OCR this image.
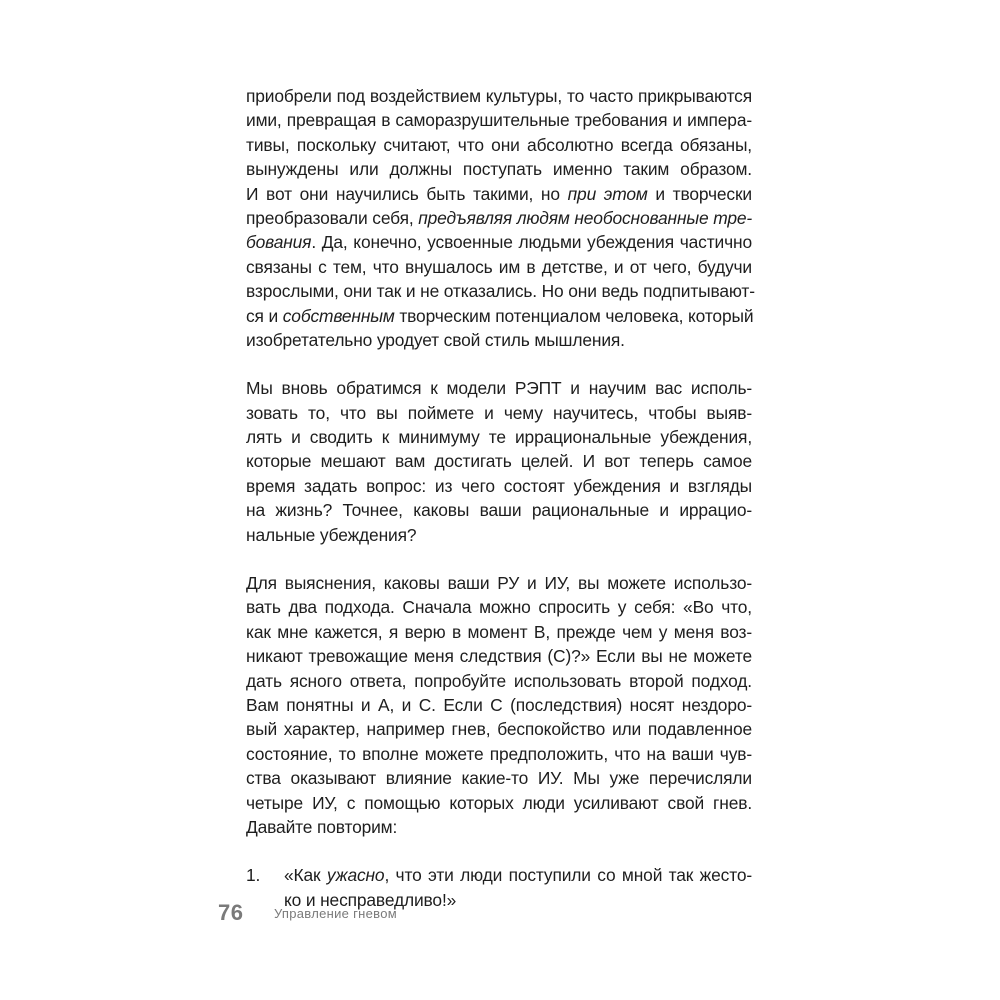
приобрели под воздействием культуры, то часто прикрываются
ими, превращая в саморазрушительные требования и импера-
тивы, поскольку считают, что они абсолютно всегда обязаны,
вынуждены или должны поступать именно таким образом.
И вот они научились быть такими, но при этом и творчески
преобразовали себя, предъявляя людям необоснованные тре-
бования. Да, конечно, усвоенные людьми убеждения частично
связаны с тем, что внушалось им в детстве, и от чего, будучи
взрослыми, они так и не отказались. Но они ведь подпитывают-
ся и собственным творческим потенциалом человека, который
изобретательно уродует свой стиль мышления.
Мы вновь обратимся к модели РЭПТ и научим вас исполь-
зовать то, что вы поймете и чему научитесь, чтобы выяв-
лять и сводить к минимуму те иррациональные убеждения,
которые мешают вам достигать целей. И вот теперь самое
время задать вопрос: из чего состоят убеждения и взгляды
на жизнь? Точнее, каковы ваши рациональные и иррацио-
нальные убеждения?
Для выяснения, каковы ваши РУ и ИУ, вы можете использо-
вать два подхода. Сначала можно спросить у себя: «Во что,
как мне кажется, я верю в момент В, прежде чем у меня воз-
никают тревожащие меня следствия (С)?» Если вы не можете
дать ясного ответа, попробуйте использовать второй подход.
Вам понятны и А, и С. Если С (последствия) носят нездоро-
вый характер, например гнев, беспокойство или подавленное
состояние, то вполне можете предположить, что на ваши чув-
ства оказывают влияние какие-то ИУ. Мы уже перечисляли
четыре ИУ, с помощью которых люди усиливают свой гнев.
Давайте повторим:
1. «Как ужасно, что эти люди поступили со мной так жесто-
ко и несправедливо!»
76 Управление гневом
